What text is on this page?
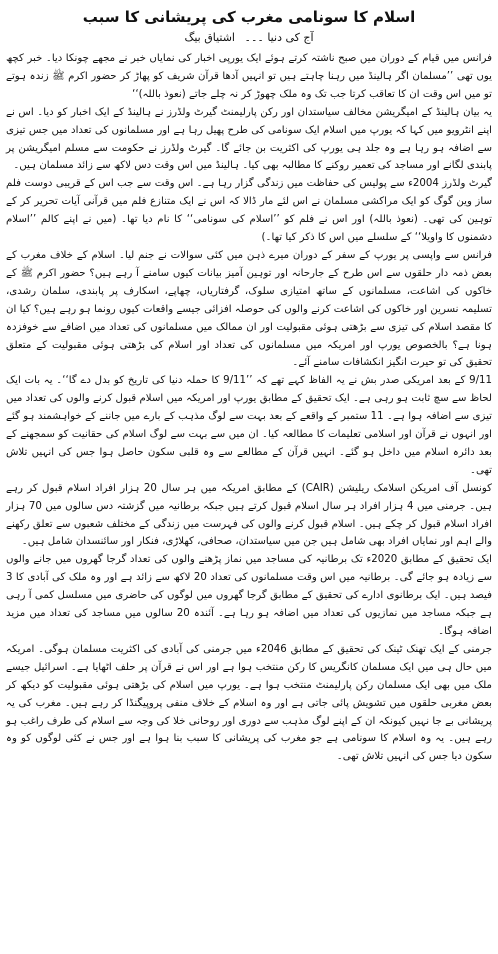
اسلام کا سونامی مغرب کی پریشانی کا سبب
آج کی دنیا ۔۔۔ اشتیاق بیگ

فرانس میں قیام کے دوران میں صبح ناشتہ کرتے ہوئے ایک یورپی اخبار کی نمایاں خبر نے مجھے چونکا دیا۔ خبر کچھ یوں تھی ’’مسلمان اگر ہالینڈ میں رہنا چاہتے ہیں تو انہیں آدھا قرآن شریف کو پھاڑ کر حضور اکرم ﷺ زندہ ہوتے تو میں اس وقت ان کا تعاقب کرتا جب تک وہ ملک چھوڑ کر نہ چلے جاتے (نعوذ باللہ)‘‘

یہ بیان ہالینڈ کے امیگریشن مخالف سیاستدان اور رکن پارلیمنٹ گیرٹ ولڈرز نے ہالینڈ کے ایک اخبار کو دیا۔ اس نے اپنے انٹرویو میں کہا کہ یورپ میں اسلام ایک سونامی کی طرح پھیل رہا ہے اور مسلمانوں کی تعداد میں جس تیزی سے اضافہ ہو رہا ہے وہ جلد ہی یورپ کی اکثریت بن جائے گا۔ گیرٹ ولڈرز نے حکومت سے مسلم امیگریشن پر پابندی لگانے اور مساجد کی تعمیر روکنے کا مطالبہ بھی کیا۔ ہالینڈ میں اس وقت دس لاکھ سے زائد مسلمان ہیں۔

گیرٹ ولڈرز 2004ء سے پولیس کی حفاظت میں زندگی گزار رہا ہے۔ اس وقت سے جب اس کے قریبی دوست فلم ساز وین گوگ کو ایک مراکشی مسلمان نے اس لئے مار ڈالا کہ اس نے ایک متنازع فلم میں قرآنی آیات تحریر کر کے توہین کی تھی۔ (نعوذ باللہ) اور اس نے فلم کو ’’اسلام کی سونامی‘‘ کا نام دیا تھا۔ (میں نے اپنے کالم ’’اسلام دشمنوں کا واویلا‘‘ کے سلسلے میں اس کا ذکر کیا تھا۔)

فرانس سے واپسی پر یورپ کے سفر کے دوران میرے ذہن میں کئی سوالات نے جنم لیا۔ اسلام کے خلاف مغرب کے بعض ذمہ دار حلقوں سے اس طرح کے جارحانہ اور توہین آمیز بیانات کیوں سامنے آ رہے ہیں؟ حضور اکرم ﷺ کے خاکوں کی اشاعت، مسلمانوں کے ساتھ امتیازی سلوک، گرفتاریاں، چھاپے، اسکارف پر پابندی، سلمان رشدی، تسلیمہ نسرین اور خاکوں کی اشاعت کرنے والوں کی حوصلہ افزائی جیسے واقعات کیوں رونما ہو رہے ہیں؟ کیا ان کا مقصد اسلام کی تیزی سے بڑھتی ہوئی مقبولیت اور ان ممالک میں مسلمانوں کی تعداد میں اضافے سے خوفزدہ ہونا ہے؟ بالخصوص یورپ اور امریکہ میں مسلمانوں کی تعداد اور اسلام کی بڑھتی ہوئی مقبولیت کے متعلق تحقیق کی تو حیرت انگیز انکشافات سامنے آئے۔

9/11 کے بعد امریکی صدر بش نے یہ الفاظ کہے تھے کہ ’’9/11 کا حملہ دنیا کی تاریخ کو بدل دے گا‘‘۔ یہ بات ایک لحاظ سے سچ ثابت ہو رہی ہے۔ ایک تحقیق کے مطابق یورپ اور امریکہ میں اسلام قبول کرنے والوں کی تعداد میں تیزی سے اضافہ ہوا ہے۔ 11 ستمبر کے واقعے کے بعد بہت سے لوگ مذہب کے بارے میں جاننے کے خواہشمند ہو گئے اور انہوں نے قرآن اور اسلامی تعلیمات کا مطالعہ کیا۔ ان میں سے بہت سے لوگ اسلام کی حقانیت کو سمجھنے کے بعد دائرہ اسلام میں داخل ہو گئے۔ انہیں قرآن کے مطالعے سے وہ قلبی سکون حاصل ہوا جس کی انہیں تلاش تھی۔

کونسل آف امریکن اسلامک ریلیشن (CAIR) کے مطابق امریکہ میں ہر سال 20 ہزار افراد اسلام قبول کر رہے ہیں۔ جرمنی میں 4 ہزار افراد ہر سال اسلام قبول کرتے ہیں جبکہ برطانیہ میں گزشتہ دس سالوں میں 70 ہزار افراد اسلام قبول کر چکے ہیں۔ اسلام قبول کرنے والوں کی فہرست میں زندگی کے مختلف شعبوں سے تعلق رکھنے والے اہم اور نمایاں افراد بھی شامل ہیں جن میں سیاستدان، صحافی، کھلاڑی، فنکار اور سائنسدان شامل ہیں۔

ایک تحقیق کے مطابق 2020ء تک برطانیہ کی مساجد میں نماز پڑھنے والوں کی تعداد گرجا گھروں میں جانے والوں سے زیادہ ہو جائے گی۔ برطانیہ میں اس وقت مسلمانوں کی تعداد 20 لاکھ سے زائد ہے اور وہ ملک کی آبادی کا 3 فیصد ہیں۔ ایک برطانوی ادارے کی تحقیق کے مطابق گرجا گھروں میں لوگوں کی حاضری میں مسلسل کمی آ رہی ہے جبکہ مساجد میں نمازیوں کی تعداد میں اضافہ ہو رہا ہے۔ آئندہ 20 سالوں میں مساجد کی تعداد میں مزید اضافہ ہوگا۔

جرمنی کے ایک تھنک ٹینک کی تحقیق کے مطابق 2046ء میں جرمنی کی آبادی کی اکثریت مسلمان ہوگی۔ امریکہ میں حال ہی میں ایک مسلمان کانگریس کا رکن منتخب ہوا ہے اور اس نے قرآن پر حلف اٹھایا ہے۔ اسرائیل جیسے ملک میں بھی ایک مسلمان رکن پارلیمنٹ منتخب ہوا ہے۔ یورپ میں اسلام کی بڑھتی ہوئی مقبولیت کو دیکھ کر بعض مغربی حلقوں میں تشویش پائی جاتی ہے اور وہ اسلام کے خلاف منفی پروپیگنڈا کر رہے ہیں۔ مغرب کی یہ پریشانی بے جا نہیں کیونکہ ان کے اپنے لوگ مذہب سے دوری اور روحانی خلا کی وجہ سے اسلام کی طرف راغب ہو رہے ہیں۔ یہ وہ اسلام کا سونامی ہے جو مغرب کی پریشانی کا سبب بنا ہوا ہے اور جس نے کئی لوگوں کو وہ سکون دیا جس کی انہیں تلاش تھی۔
